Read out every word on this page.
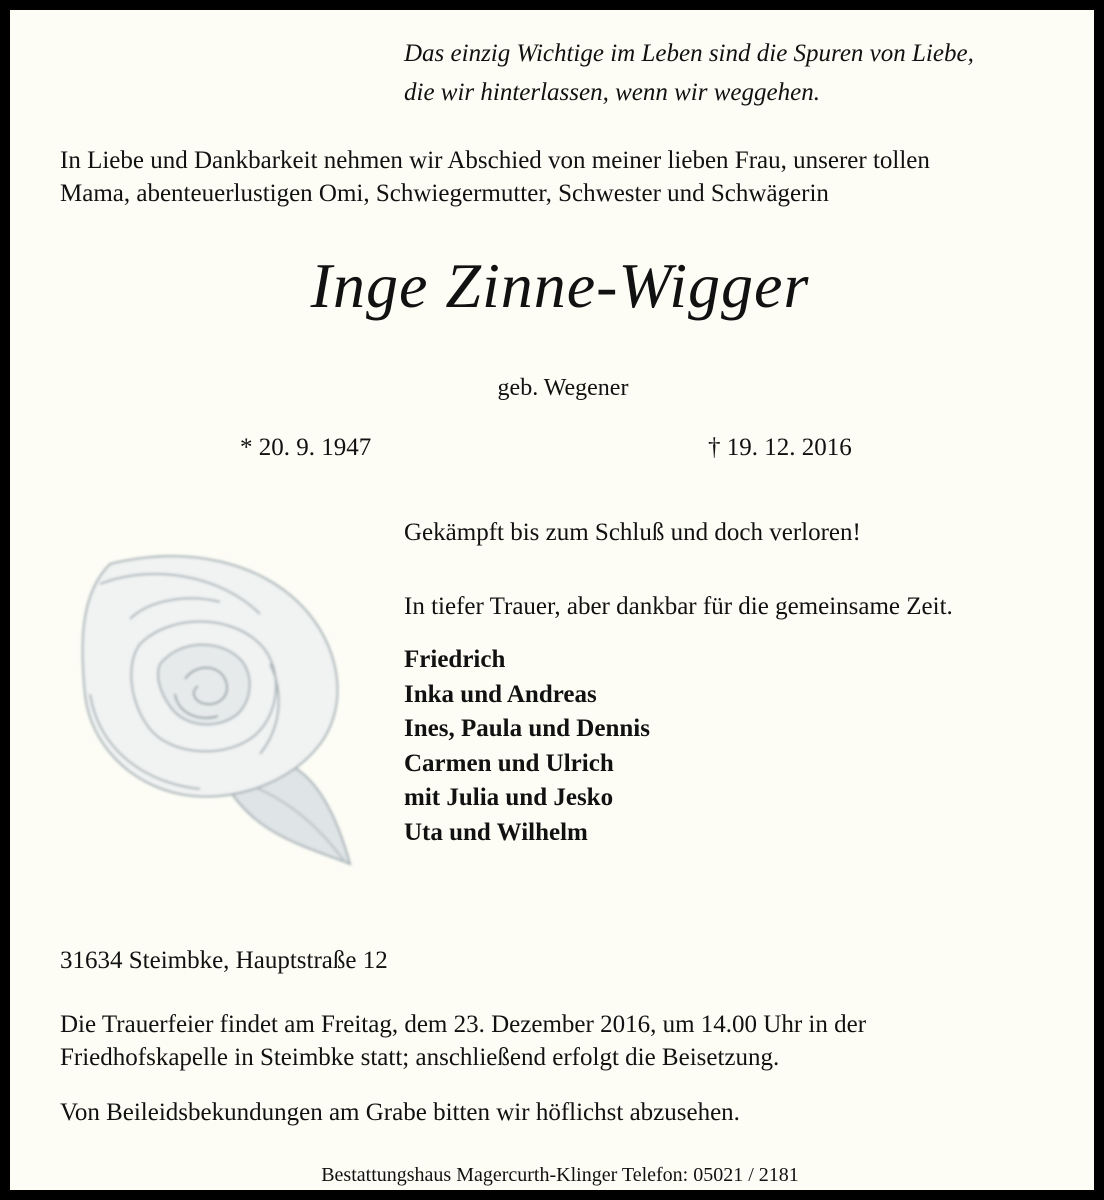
Das einzig Wichtige im Leben sind die Spuren von Liebe,
die wir hinterlassen, wenn wir weggehen.

In Liebe und Dankbarkeit nehmen wir Abschied von meiner lieben Frau, unserer tollen
Mama, abenteuerlustigen Omi, Schwiegermutter, Schwester und Schwägerin

Inge Zinne-Wigger
geb. Wegener
* 20. 9. 1947	† 19. 12. 2016
Gekämpft bis zum Schluß und doch verloren!
In tiefer Trauer, aber dankbar für die gemeinsame Zeit.
Friedrich
Inka und Andreas
Ines, Paula und Dennis
Carmen und Ulrich
mit Julia und Jesko
Uta und Wilhelm
31634 Steimbke, Hauptstraße 12

Die Trauerfeier findet am Freitag, dem 23. Dezember 2016, um 14.00 Uhr in der
Friedhofskapelle in Steimbke statt; anschließend erfolgt die Beisetzung.

Von Beileidsbekundungen am Grabe bitten wir höflichst abzusehen.
Bestattungshaus Magercurth-Klinger Telefon: 05021 / 2181
